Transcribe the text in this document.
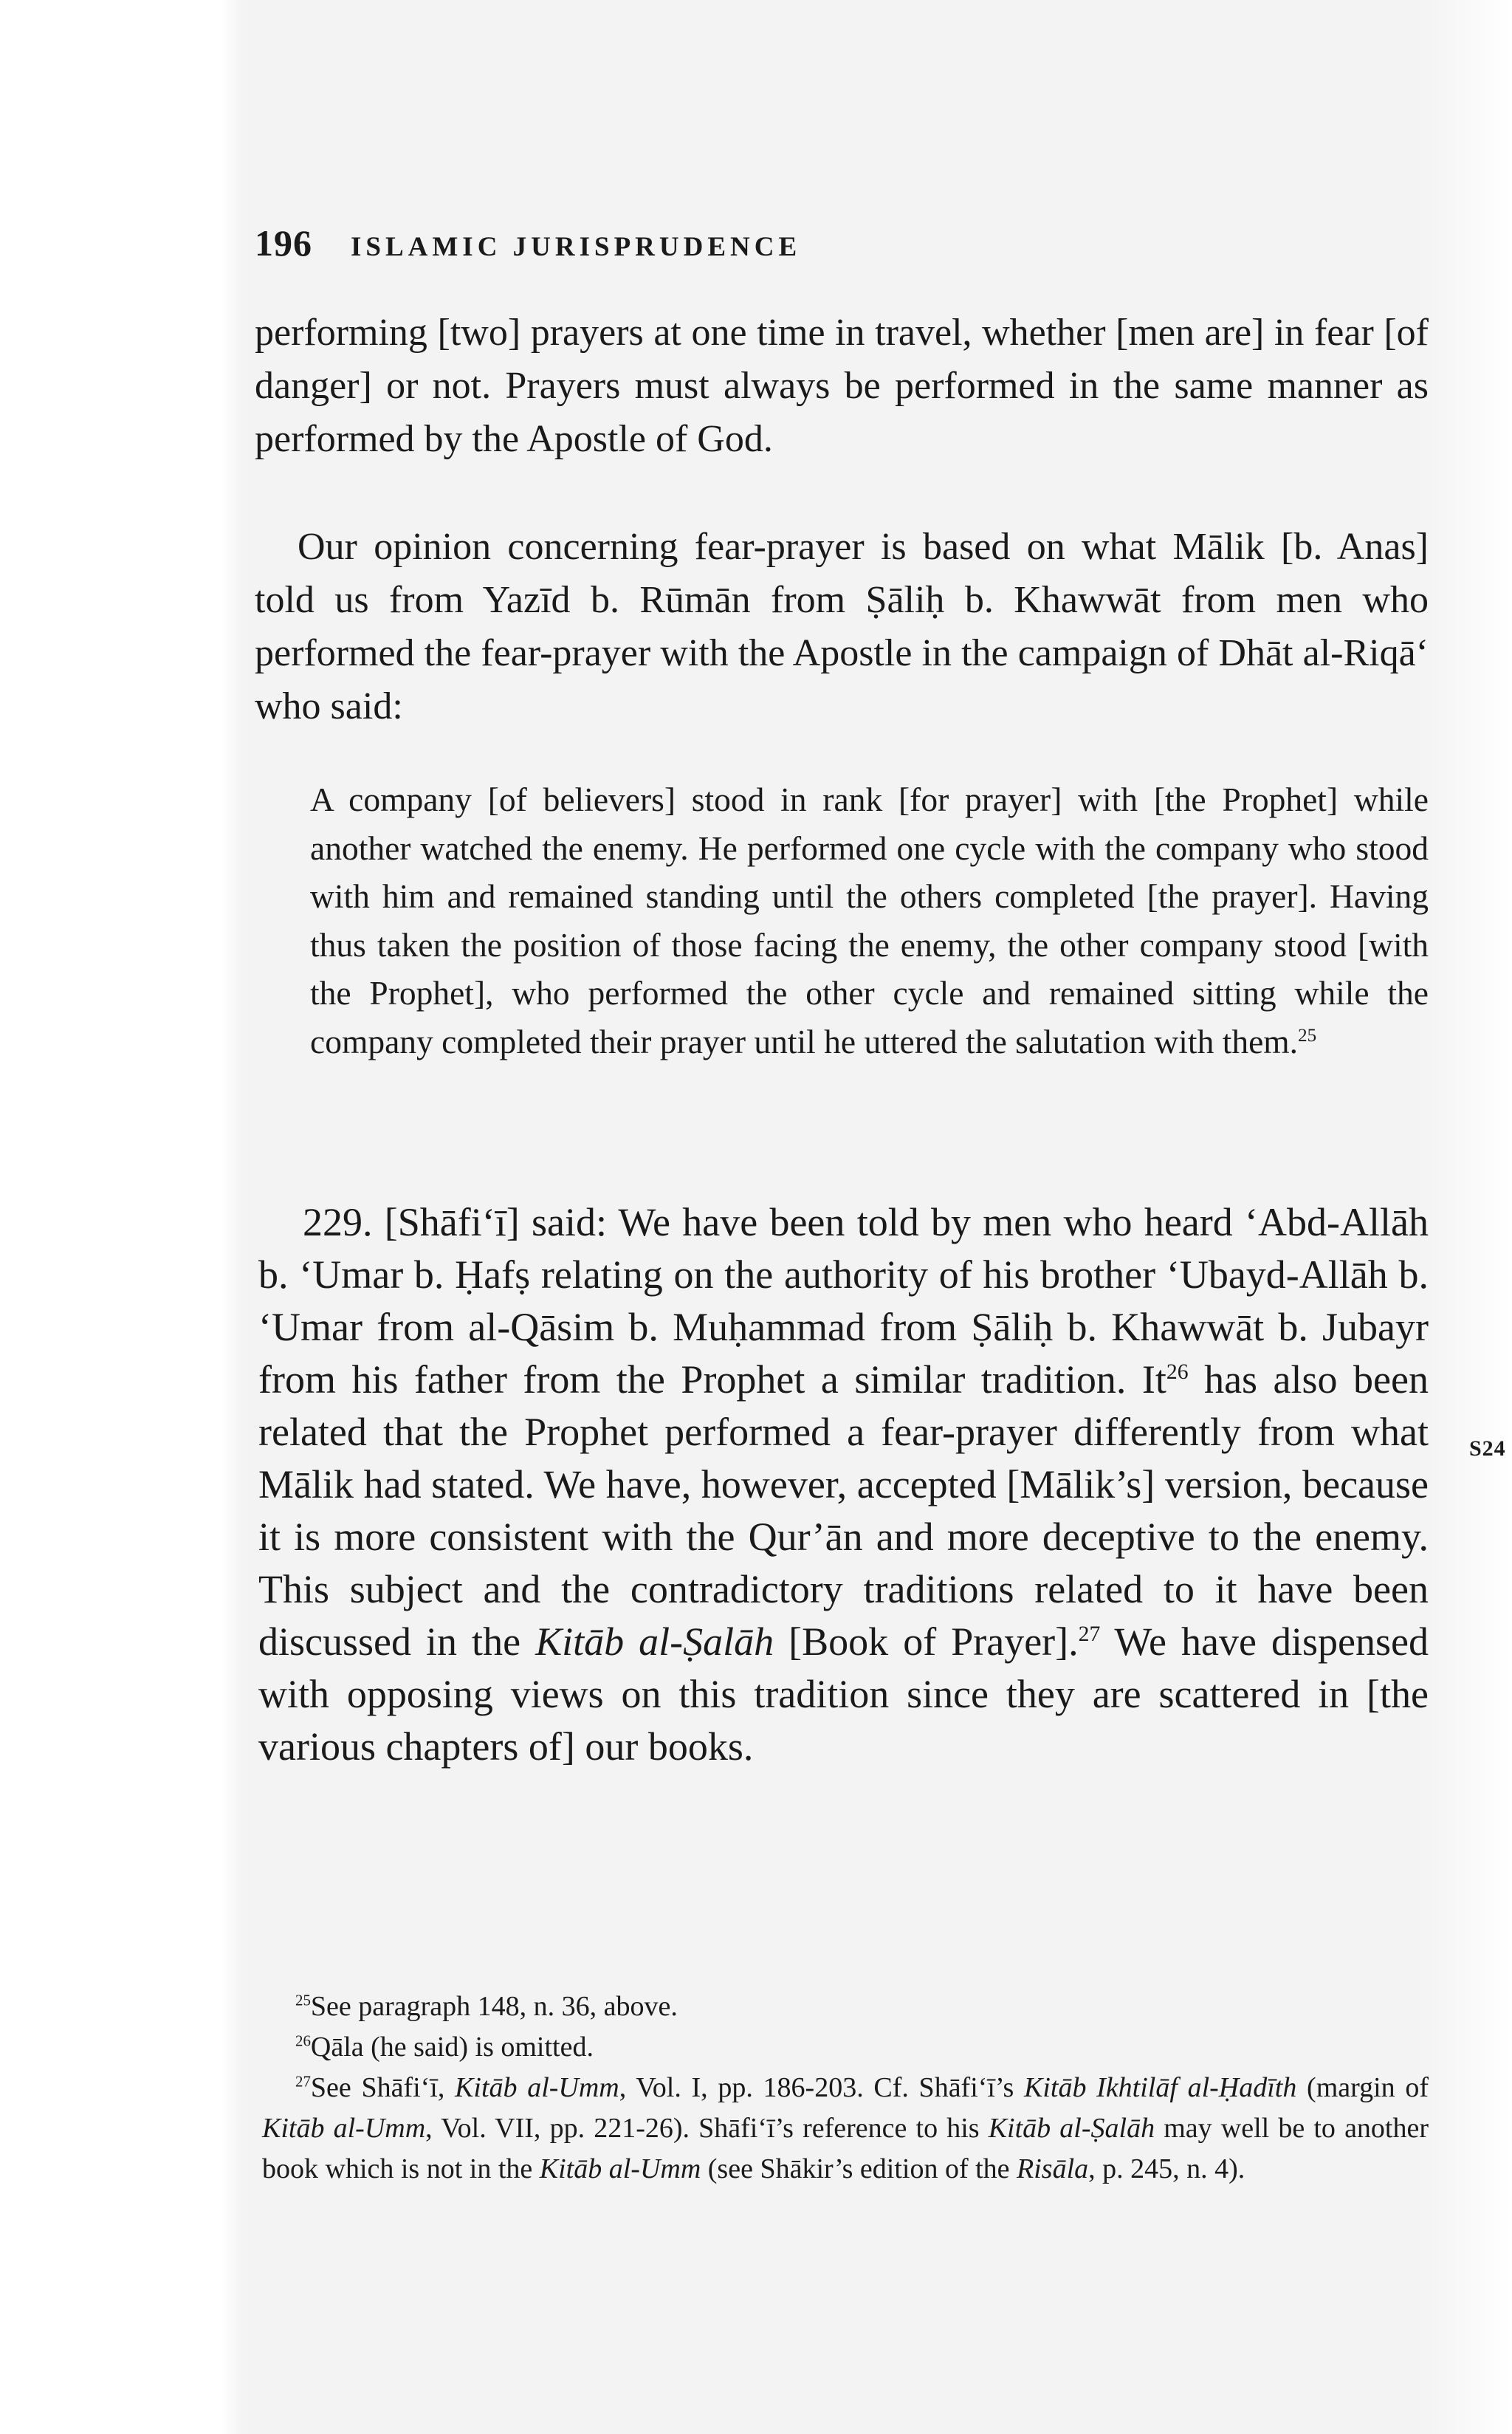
196 ISLAMIC JURISPRUDENCE

performing [two] prayers at one time in travel, whether [men are] in fear [of danger] or not. Prayers must always be performed in the same manner as performed by the Apostle of God.

Our opinion concerning fear-prayer is based on what Mālik [b. Anas] told us from Yazīd b. Rūmān from Ṣāliḥ b. Khawwāt from men who performed the fear-prayer with the Apostle in the campaign of Dhāt al-Riqā‘ who said:

A company [of believers] stood in rank [for prayer] with [the Prophet] while another watched the enemy. He performed one cycle with the company who stood with him and remained standing until the others completed [the prayer]. Having thus taken the position of those facing the enemy, the other company stood [with the Prophet], who performed the other cycle and remained sitting while the company completed their prayer until he uttered the salutation with them.$^{25}$

229. [Shāfi‘ī] said: We have been told by men who heard ‘Abd-Allāh b. ‘Umar b. Ḥafṣ relating on the authority of his brother ‘Ubayd-Allāh b. ‘Umar from al-Qāsim b. Muḥammad from Ṣāliḥ b. Khawwāt b. Jubayr from his father from the Prophet a similar tradition. It$^{26}$ has also been related that the Prophet performed a fear-prayer differently from what Mālik had stated. We have, however, accepted [Mālik’s] version, because it is more consistent with the Qur’ān and more deceptive to the enemy. This subject and the contradictory traditions related to it have been discussed in the Kitāb al-Ṣalāh [Book of Prayer].$^{27}$ We have dispensed with opposing views on this tradition since they are scattered in [the various chapters of] our books.

S24
$^{25}$See paragraph 148, n. 36, above.
$^{26}$Qāla (he said) is omitted.
$^{27}$See Shāfi‘ī, Kitāb al-Umm, Vol. I, pp. 186-203. Cf. Shāfi‘ī’s Kitāb Ikhtilāf al-Ḥadīth (margin of Kitāb al-Umm, Vol. VII, pp. 221-26). Shāfi‘ī’s reference to his Kitāb al-Ṣalāh may well be to another book which is not in the Kitāb al-Umm (see Shākir’s edition of the Risāla, p. 245, n. 4).
